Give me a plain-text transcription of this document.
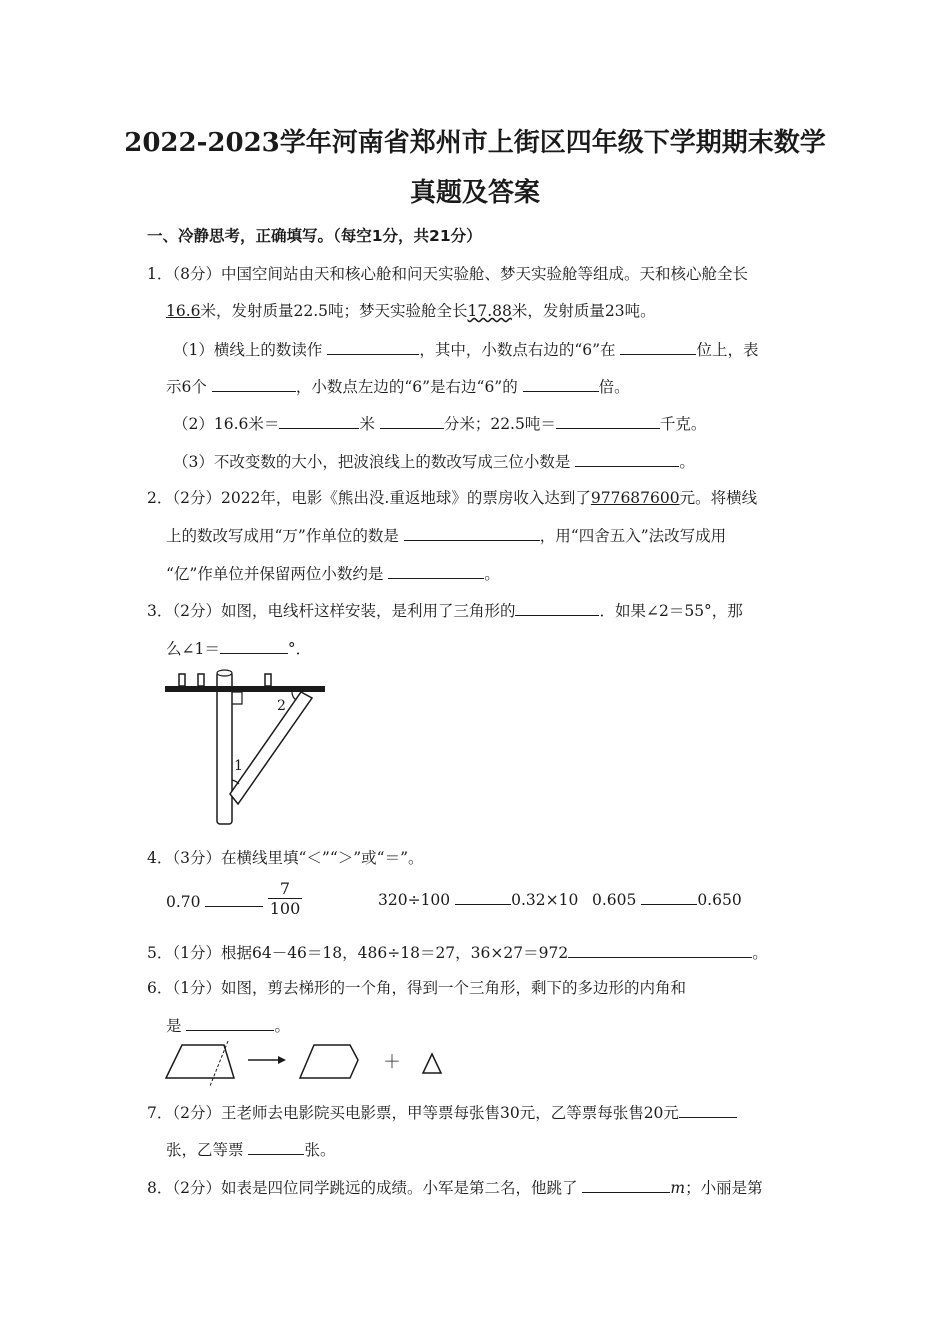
2022-2023学年河南省郑州市上街区四年级下学期期末数学
真题及答案
一、冷静思考，正确填写。（每空1分，共21分）
1．（8分）中国空间站由天和核心舱和问天实验舱、梦天实验舱等组成。天和核心舱全长
16.6米，发射质量22.5吨；梦天实验舱全长17.88米，发射质量23吨。
（1）横线上的数读作	，其中，小数点右边的“6”在	位上，表
示6个	，小数点左边的“6”是右边“6”的	倍。
（2）16.6米＝	米	分米；22.5吨＝	千克。
（3）不改变数的大小，把波浪线上的数改写成三位小数是	。
2．（2分）2022年，电影《熊出没.重返地球》的票房收入达到了977687600元。将横线
上的数改写成用“万”作单位的数是	，用“四舍五入”法改写成用
“亿”作单位并保留两位小数约是	。
3．（2分）如图，电线杆这样安装，是利用了三角形的	．如果∠2＝55°，那
么∠1＝	°．
2
1
4．（3分）在横线里填“＜”“＞”或“＝”。
0.70	$\frac{7}{100}$	320÷100	0.32×10 0.605	0.650
5．（1分）根据64－46＝18，486÷18＝27，36×27＝972	。
6．（1分）如图，剪去梯形的一个角，得到一个三角形，剩下的多边形的内角和
是	。
＋
7．（2分）王老师去电影院买电影票，甲等票每张售30元，乙等票每张售20元
张，乙等票	张。
8．（2分）如表是四位同学跳远的成绩。小军是第二名，他跳了	m；小丽是第
